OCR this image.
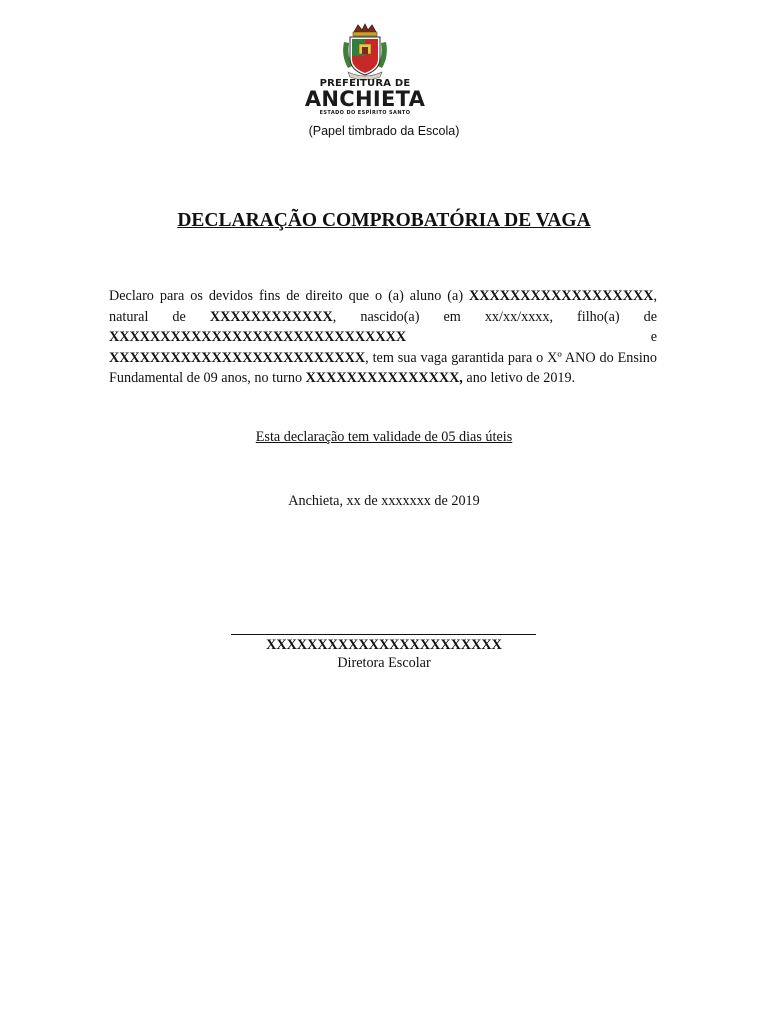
PREFEITURA DE
ANCHIETA
ESTADO DO ESPÍRITO SANTO
(Papel timbrado da Escola)
DECLARAÇÃO COMPROBATÓRIA DE VAGA
Declaro para os devidos fins de direito que o (a) aluno (a) XXXXXXXXXXXXXXXXXX, natural de XXXXXXXXXXXX, nascido(a) em xx/xx/xxxx, filho(a) de XXXXXXXXXXXXXXXXXXXXXXXXXXXXX e XXXXXXXXXXXXXXXXXXXXXXXXX, tem sua vaga garantida para o Xº ANO do Ensino Fundamental de 09 anos, no turno XXXXXXXXXXXXXXX, ano letivo de 2019.
Esta declaração tem validade de 05 dias úteis
Anchieta, xx de xxxxxxx de 2019
XXXXXXXXXXXXXXXXXXXXXXX
Diretora Escolar
